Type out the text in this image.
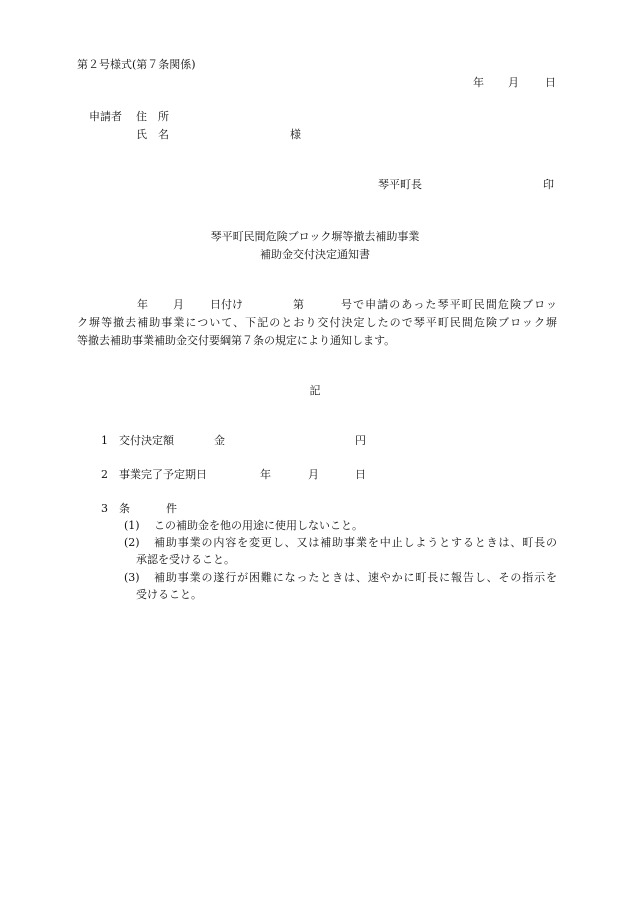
第２号様式(第７条関係)
年 月 日
申請者 住　所
氏　名	様
琴平町長	印
琴平町民間危険ブロック塀等撤去補助事業
補助金交付決定通知書
年 月 日付け	第	号で申請のあった琴平町民間危険ブロッ
ク塀等撤去補助事業について、下記のとおり交付決定したので琴平町民間危険ブロック塀
等撤去補助事業補助金交付要綱第７条の規定により通知します。
記
1 交付決定額	金	円
2 事業完了予定期日	年	月	日
3 条	件
(1) この補助金を他の用途に使用しないこと。
(2) 補助事業の内容を変更し、又は補助事業を中止しようとするときは、町長の
承認を受けること。
(3) 補助事業の遂行が困難になったときは、速やかに町長に報告し、その指示を
受けること。
